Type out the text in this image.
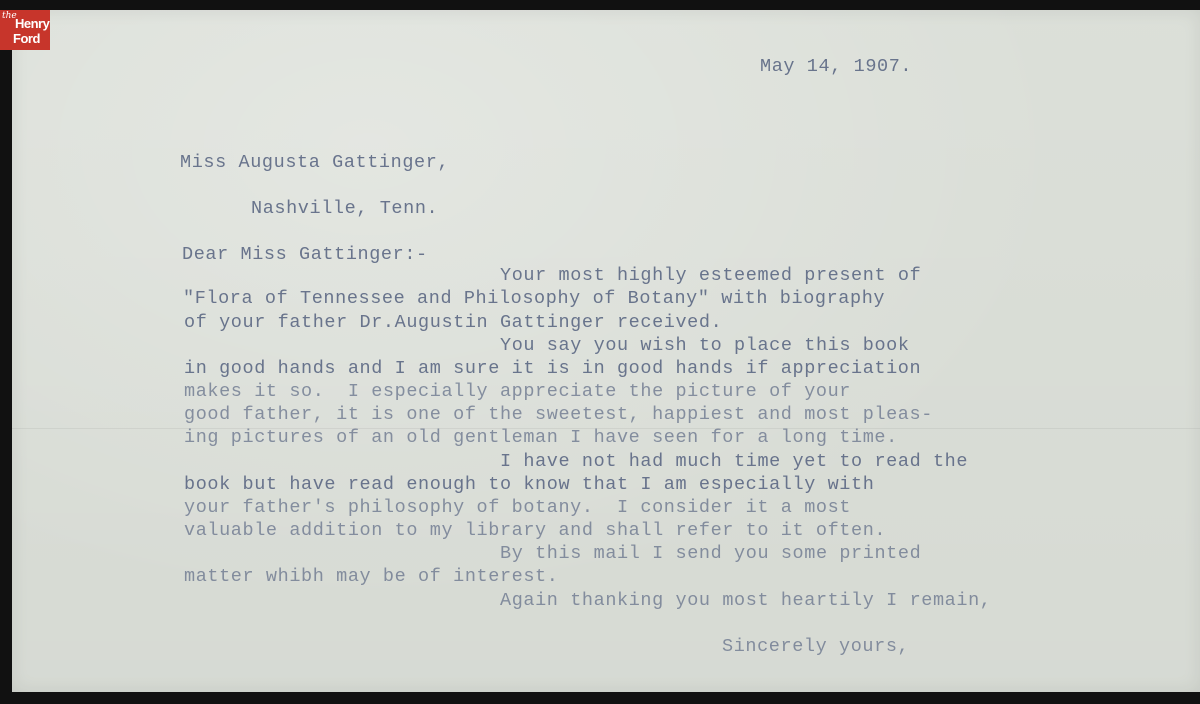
the
Henry
Ford
May 14, 1907.
Miss Augusta Gattinger,
Nashville, Tenn.
Dear Miss Gattinger:-
Your most highly esteemed present of
"Flora of Tennessee and Philosophy of Botany" with biography
of your father Dr.Augustin Gattinger received.
You say you wish to place this book
in good hands and I am sure it is in good hands if appreciation
makes it so.  I especially appreciate the picture of your
good father, it is one of the sweetest, happiest and most pleas-
ing pictures of an old gentleman I have seen for a long time.
I have not had much time yet to read the
book but have read enough to know that I am especially with
your father's philosophy of botany.  I consider it a most
valuable addition to my library and shall refer to it often.
By this mail I send you some printed
matter whibh may be of interest.
Again thanking you most heartily I remain,
Sincerely yours,
